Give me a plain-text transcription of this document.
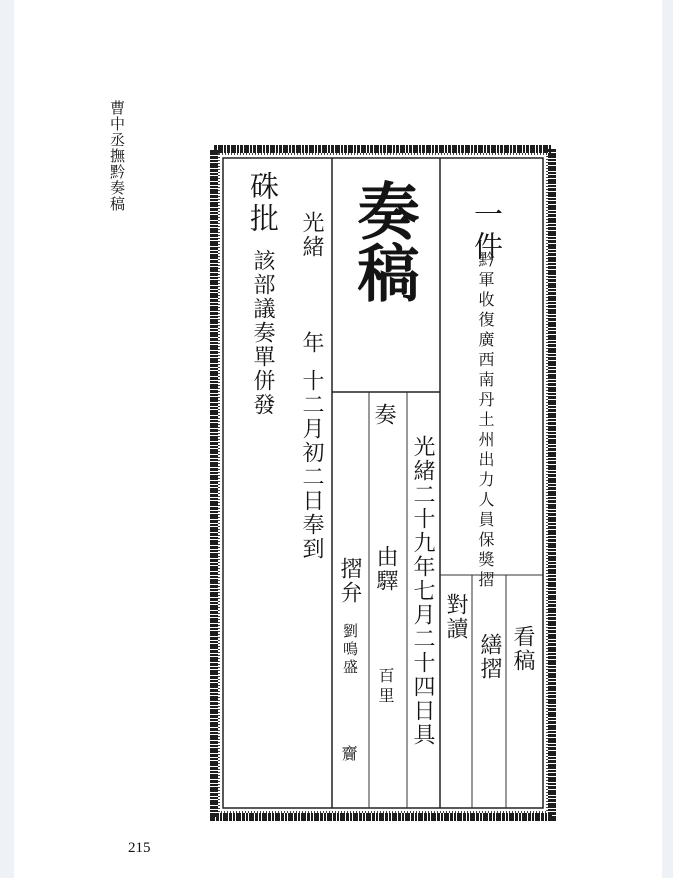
曹中丞撫黔奏稿
一件
黔軍收復廣西南丹土州出力人員保獎摺
看稿
繕摺
對讀
奏稿
奏
光緒二十九年七月二十四日具
由驛
百里
摺弁
劉鳴盛
齎
光緒
年
十二月初二日奉到
硃批
該部議奏單併發
215
